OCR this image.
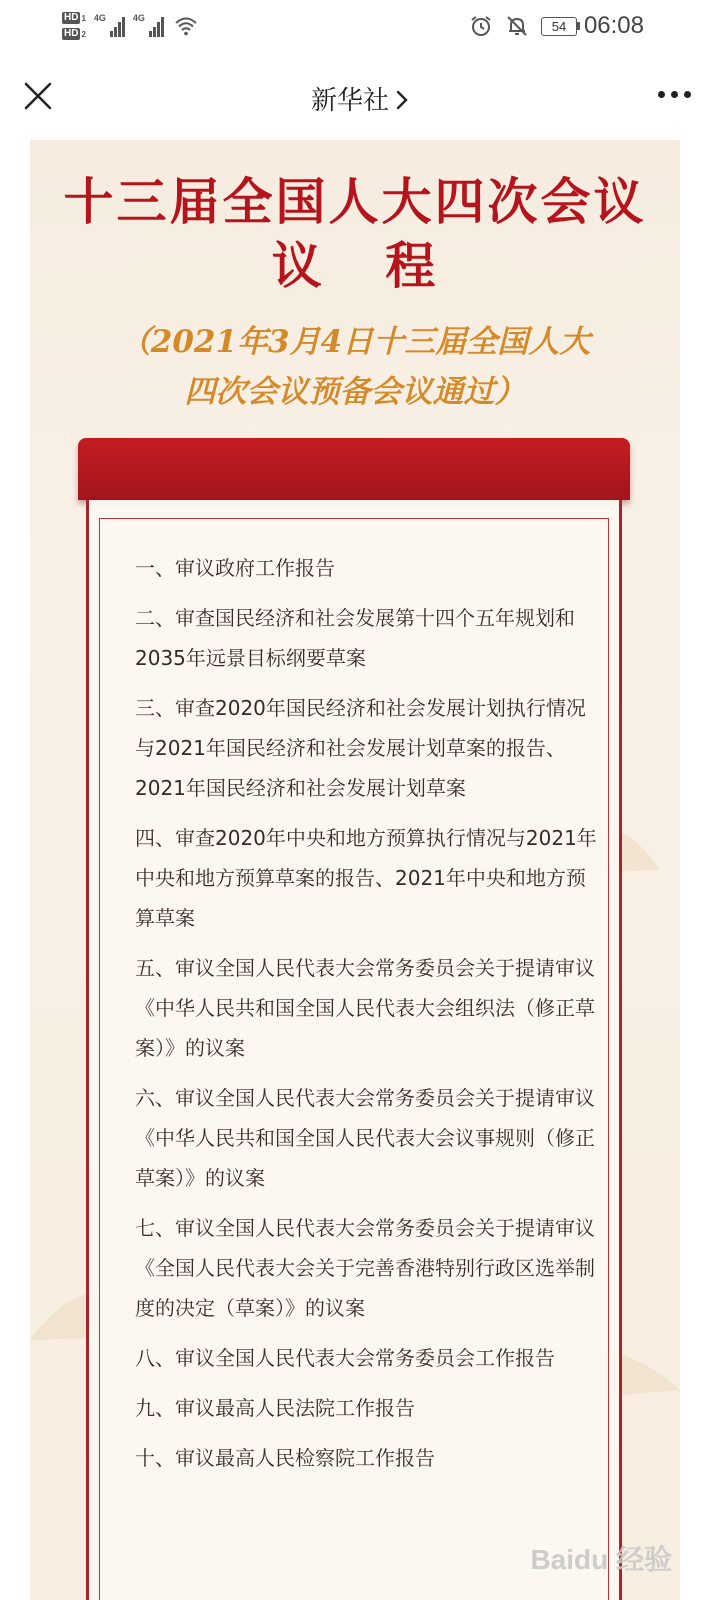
HD 1
HD 2
4G	4G
54 06:08
新华社
十三届全国人大四次会议
议 程
（2021年3月4日十三届全国人大
四次会议预备会议通过）
一、审议政府工作报告
二、审查国民经济和社会发展第十四个五年规划和2035年远景目标纲要草案
三、审查2020年国民经济和社会发展计划执行情况与2021年国民经济和社会发展计划草案的报告、2021年国民经济和社会发展计划草案
四、审查2020年中央和地方预算执行情况与2021年中央和地方预算草案的报告、2021年中央和地方预算草案
五、审议全国人民代表大会常务委员会关于提请审议《中华人民共和国全国人民代表大会组织法（修正草案）》的议案
六、审议全国人民代表大会常务委员会关于提请审议《中华人民共和国全国人民代表大会议事规则（修正草案）》的议案
七、审议全国人民代表大会常务委员会关于提请审议《全国人民代表大会关于完善香港特别行政区选举制度的决定（草案）》的议案
八、审议全国人民代表大会常务委员会工作报告
九、审议最高人民法院工作报告
十、审议最高人民检察院工作报告
Baidu 经验
